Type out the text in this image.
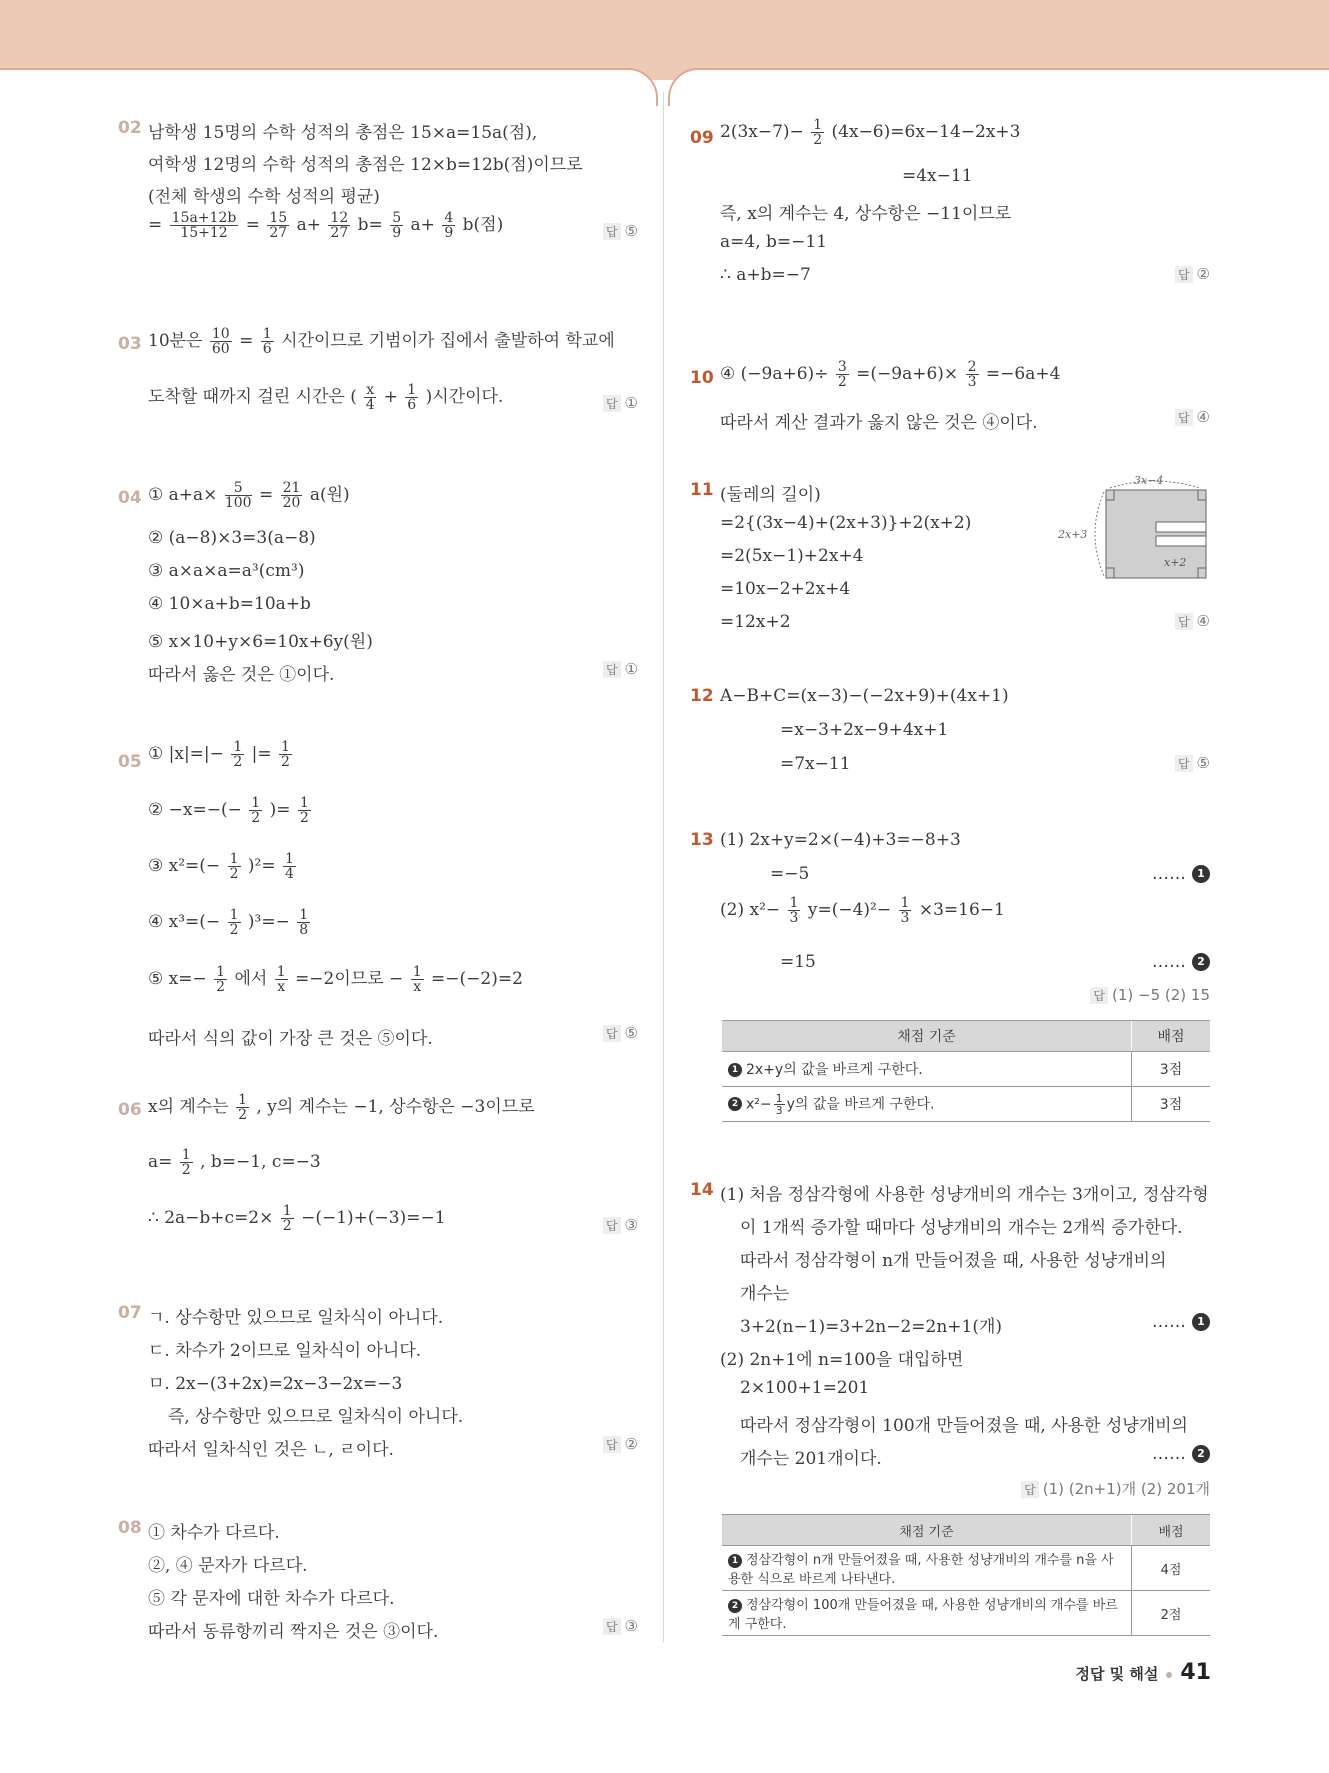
02 남학생 15명의 수학 성적의 총점은 15×a=15a(점),
여학생 12명의 수학 성적의 총점은 12×b=12b(점)이므로
(전체 학생의 수학 성적의 평균)
= $\frac{15a+12b}{15+12} = \frac{15}{27} a+ \frac{12}{27} b= \frac{5}{9} a+ \frac{4}{9} b$(점)	답 ⑤
03 10분은 $\frac{10}{60} = \frac{1}{6}$ 시간이므로 기범이가 집에서 출발하여 학교에
도착할 때까지 걸린 시간은 ( $\frac{x}{4} + \frac{1}{6}$ )시간이다.	답 ①
04 ① $a+a\times \frac{5}{100} = \frac{21}{20} a$(원)
② (a−8)×3=3(a−8)
③ a×a×a=a³(cm³)
④ 10×a+b=10a+b
⑤ x×10+y×6=10x+6y(원)
따라서 옳은 것은 ①이다.	답 ①
05 ① $|x|=|- \frac{1}{2}$ |= $\frac{1}{2}$
② $-x=-(- \frac{1}{2}$ )= $\frac{1}{2}$
③ $x^2=(- \frac{1}{2} )^2= \frac{1}{4}$
④ $x^3=(- \frac{1}{2} )^3=- \frac{1}{8}$
⑤ $x=- \frac{1}{2}$ 에서 $\frac{1}{x} =-2$이므로 − $\frac{1}{x} =-(-2)=2$
따라서 식의 값이 가장 큰 것은 ⑤이다.	답 ⑤
06 x의 계수는 $\frac{1}{2}$ , y의 계수는 −1, 상수항은 −3이므로
$a= \frac{1}{2}$ , b=−1, c=−3
∴ $2a-b+c=2\times \frac{1}{2} -(-1)+(-3)=-1$	답 ③
07 ㄱ. 상수항만 있으므로 일차식이 아니다.
ㄷ. 차수가 2이므로 일차식이 아니다.
ㅁ. 2x−(3+2x)=2x−3−2x=−3
즉, 상수항만 있으므로 일차식이 아니다.
따라서 일차식인 것은 ㄴ, ㄹ이다.	답 ②
08 ① 차수가 다르다.
②, ④ 문자가 다르다.
⑤ 각 문자에 대한 차수가 다르다.
따라서 동류항끼리 짝지은 것은 ③이다.	답 ③
09 $2(3x-7)- \frac{1}{2} (4x-6)=6x-14-2x+3$
=4x−11
즉, x의 계수는 4, 상수항은 −11이므로
a=4, b=−11
∴ a+b=−7	답 ②
10 ④ $(-9a+6)\div \frac{3}{2} =(-9a+6)\times \frac{2}{3} =-6a+4$
따라서 계산 결과가 옳지 않은 것은 ④이다.	답 ④
11 (둘레의 길이)
=2{(3x−4)+(2x+3)}+2(x+2)
=2(5x−1)+2x+4
=10x−2+2x+4
=12x+2	답 ④
3x−4
2x+3
x+2
12 A−B+C=(x−3)−(−2x+9)+(4x+1)
=x−3+2x−9+4x+1
=7x−11	답 ⑤
13 (1) 2x+y=2×(−4)+3=−8+3
=−5	…… 1
(2) $x^2- \frac{1}{3} y=(-4)^2- \frac{1}{3} \times 3=16-1$
=15	…… 2
답 (1) −5 (2) 15
채점 기준	배점
1 2x+y의 값을 바르게 구한다.	3점
2 $x^2- \frac{1}{3}$ y의 값을 바르게 구한다.	3점
14 (1) 처음 정삼각형에 사용한 성냥개비의 개수는 3개이고, 정삼각형
이 1개씩 증가할 때마다 성냥개비의 개수는 2개씩 증가한다.
따라서 정삼각형이 n개 만들어졌을 때, 사용한 성냥개비의
개수는
3+2(n−1)=3+2n−2=2n+1(개)	…… 1
(2) 2n+1에 n=100을 대입하면
2×100+1=201
따라서 정삼각형이 100개 만들어졌을 때, 사용한 성냥개비의
개수는 201개이다.	…… 2
답 (1) (2n+1)개 (2) 201개
채점 기준	배점
1 정삼각형이 n개 만들어졌을 때, 사용한 성냥개비의 개수를 n을 사용한 식으로 바르게 나타낸다.	4점
2 정삼각형이 100개 만들어졌을 때, 사용한 성냥개비의 개수를 바르게 구한다.	2점
정답 및 해설 41
